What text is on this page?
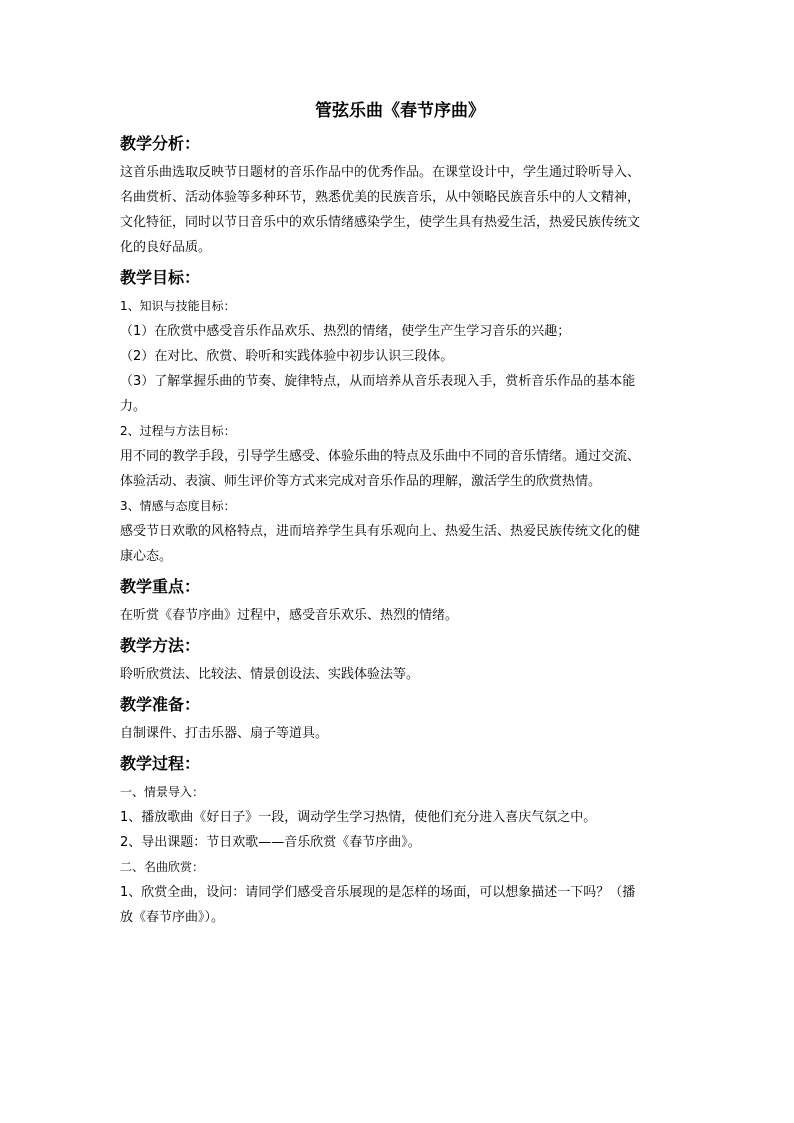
管弦乐曲《春节序曲》
教学分析：
这首乐曲选取反映节日题材的音乐作品中的优秀作品。在课堂设计中，学生通过聆听导入、
名曲赏析、活动体验等多种环节，熟悉优美的民族音乐，从中领略民族音乐中的人文精神，
文化特征，同时以节日音乐中的欢乐情绪感染学生，使学生具有热爱生活，热爱民族传统文
化的良好品质。
教学目标：
1、知识与技能目标：
（1）在欣赏中感受音乐作品欢乐、热烈的情绪，使学生产生学习音乐的兴趣；
（2）在对比、欣赏、聆听和实践体验中初步认识三段体。
（3）了解掌握乐曲的节奏、旋律特点，从而培养从音乐表现入手，赏析音乐作品的基本能
力。
2、过程与方法目标：
用不同的教学手段，引导学生感受、体验乐曲的特点及乐曲中不同的音乐情绪。通过交流、
体验活动、表演、师生评价等方式来完成对音乐作品的理解，激活学生的欣赏热情。
3、情感与态度目标：
感受节日欢歌的风格特点，进而培养学生具有乐观向上、热爱生活、热爱民族传统文化的健
康心态。
教学重点：
在听赏《春节序曲》过程中，感受音乐欢乐、热烈的情绪。
教学方法：
聆听欣赏法、比较法、情景创设法、实践体验法等。
教学准备：
自制课件、打击乐器、扇子等道具。
教学过程：
一、情景导入：
1、播放歌曲《好日子》一段，调动学生学习热情，使他们充分进入喜庆气氛之中。
2、导出课题：节日欢歌——音乐欣赏《春节序曲》。
二、名曲欣赏：
1、欣赏全曲，设问：请同学们感受音乐展现的是怎样的场面，可以想象描述一下吗？（播
放《春节序曲》）。
